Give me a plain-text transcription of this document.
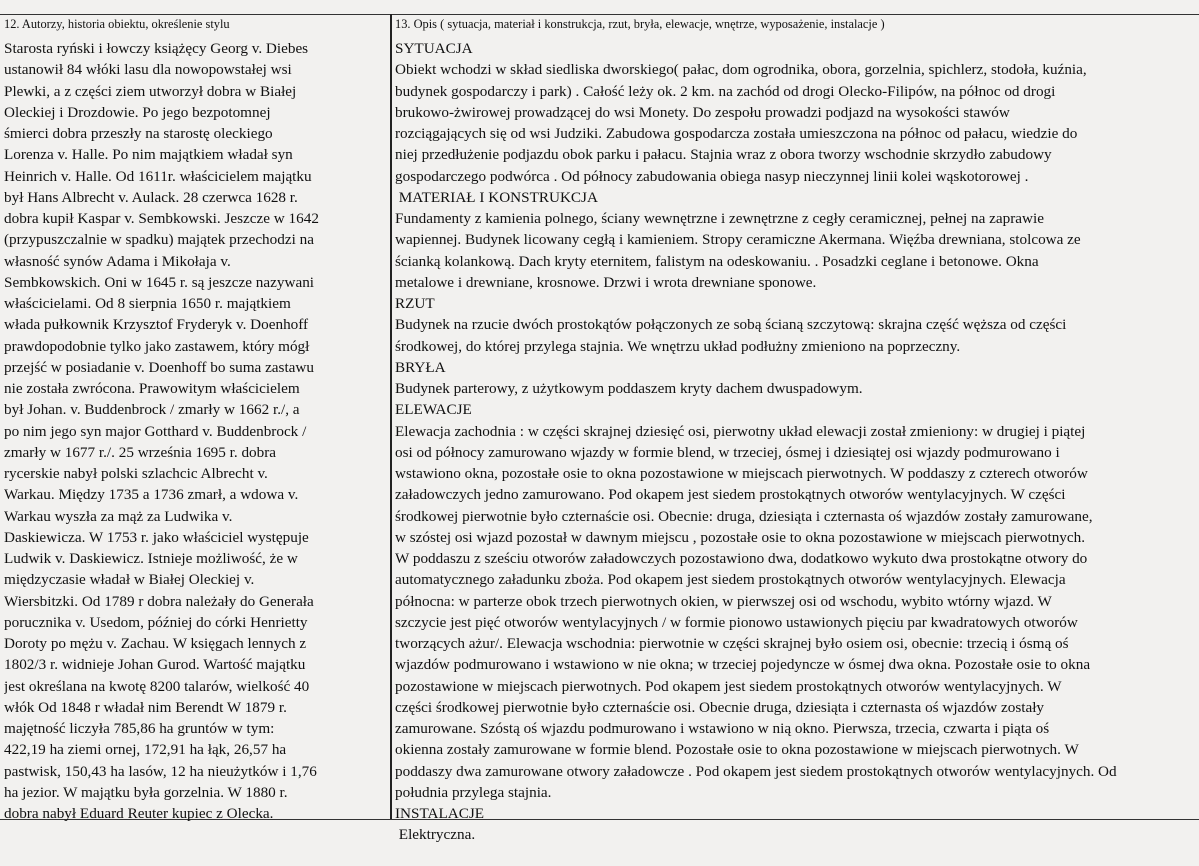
12. Autorzy, historia obiektu, określenie stylu
Starosta ryński i łowczy książęcy Georg v. Diebes
ustanowił 84 włóki lasu dla nowopowstałej wsi
Plewki, a z części ziem utworzył dobra w Białej
Oleckiej i Drozdowie. Po jego bezpotomnej
śmierci dobra przeszły na starostę oleckiego
Lorenza v. Halle. Po nim majątkiem władał syn
Heinrich v. Halle. Od 1611r. właścicielem majątku
był Hans Albrecht v. Aulack. 28 czerwca 1628 r.
dobra kupił Kaspar v. Sembkowski. Jeszcze w 1642
(przypuszczalnie w spadku) majątek przechodzi na
własność synów Adama i Mikołaja v.
Sembkowskich. Oni w 1645 r. są jeszcze nazywani
właścicielami. Od 8 sierpnia 1650 r. majątkiem
włada pułkownik Krzysztof Fryderyk v. Doenhoff
prawdopodobnie tylko jako zastawem, który mógł
przejść w posiadanie v. Doenhoff bo suma zastawu
nie została zwrócona. Prawowitym właścicielem
był Johan. v. Buddenbrock / zmarły w 1662 r./, a
po nim jego syn major Gotthard v. Buddenbrock /
zmarły w 1677 r./. 25 września 1695 r. dobra
rycerskie nabył polski szlachcic Albrecht v.
Warkau. Między 1735 a 1736 zmarł, a wdowa v.
Warkau wyszła za mąż za Ludwika v.
Daskiewicza. W 1753 r. jako właściciel występuje
Ludwik v. Daskiewicz. Istnieje możliwość, że w
międzyczasie władał w Białej Oleckiej v.
Wiersbitzki. Od 1789 r dobra należały do Generała
porucznika v. Usedom, później do córki Henrietty
Doroty po mężu v. Zachau. W księgach lennych z
1802/3 r. widnieje Johan Gurod. Wartość majątku
jest określana na kwotę 8200 talarów, wielkość 40
włók Od 1848 r władał nim Berendt W 1879 r.
majętność liczyła 785,86 ha gruntów w tym:
422,19 ha ziemi ornej, 172,91 ha łąk, 26,57 ha
pastwisk, 150,43 ha lasów, 12 ha nieużytków i 1,76
ha jezior. W majątku była gorzelnia. W 1880 r.
dobra nabył Eduard Reuter kupiec z Olecka.
13. Opis ( sytuacja, materiał i konstrukcja, rzut, bryła, elewacje, wnętrze, wyposażenie, instalacje )

SYTUACJA

Obiekt wchodzi w skład siedliska dworskiego( pałac, dom ogrodnika, obora, gorzelnia, spichlerz, stodoła, kuźnia,
budynek gospodarczy i park) . Całość leży ok. 2 km. na zachód od drogi Olecko-Filipów, na północ od drogi
brukowo-żwirowej prowadzącej do wsi Monety. Do zespołu prowadzi podjazd na wysokości stawów
rozciągających się od wsi Judziki. Zabudowa gospodarcza została umieszczona na północ od pałacu, wiedzie do
niej przedłużenie podjazdu obok parku i pałacu. Stajnia wraz z obora tworzy wschodnie skrzydło zabudowy
gospodarczego podwórca . Od północy zabudowania obiega nasyp nieczynnej linii kolei wąskotorowej .

MATERIAŁ I KONSTRUKCJA

Fundamenty z kamienia polnego, ściany wewnętrzne i zewnętrzne z cegły ceramicznej, pełnej na zaprawie
wapiennej. Budynek licowany cegłą i kamieniem. Stropy ceramiczne Akermana. Więźba drewniana, stolcowa ze
ścianką kolankową. Dach kryty eternitem, falistym na odeskowaniu. . Posadzki ceglane i betonowe. Okna
metalowe i drewniane, krosnowe. Drzwi i wrota drewniane sponowe.

RZUT

Budynek na rzucie dwóch prostokątów połączonych ze sobą ścianą szczytową: skrajna część węższa od części
środkowej, do której przylega stajnia. We wnętrzu układ podłużny zmieniono na poprzeczny.

BRYŁA

Budynek parterowy, z użytkowym poddaszem kryty dachem dwuspadowym.

ELEWACJE

Elewacja zachodnia : w części skrajnej dziesięć osi, pierwotny układ elewacji został zmieniony: w drugiej i piątej
osi od północy zamurowano wjazdy w formie blend, w trzeciej, ósmej i dziesiątej osi wjazdy podmurowano i
wstawiono okna, pozostałe osie to okna pozostawione w miejscach pierwotnych. W poddaszy z czterech otworów
załadowczych jedno zamurowano. Pod okapem jest siedem prostokątnych otworów wentylacyjnych. W części
środkowej pierwotnie było czternaście osi. Obecnie: druga, dziesiąta i czternasta oś wjazdów zostały zamurowane,
w szóstej osi wjazd pozostał w dawnym miejscu , pozostałe osie to okna pozostawione w miejscach pierwotnych.
W poddaszu z sześciu otworów załadowczych pozostawiono dwa, dodatkowo wykuto dwa prostokątne otwory do
automatycznego załadunku zboża. Pod okapem jest siedem prostokątnych otworów wentylacyjnych. Elewacja
północna: w parterze obok trzech pierwotnych okien, w pierwszej osi od wschodu, wybito wtórny wjazd. W
szczycie jest pięć otworów wentylacyjnych / w formie pionowo ustawionych pięciu par kwadratowych otworów
tworzących ażur/. Elewacja wschodnia: pierwotnie w części skrajnej było osiem osi, obecnie: trzecią i ósmą oś
wjazdów podmurowano i wstawiono w nie okna; w trzeciej pojedyncze w ósmej dwa okna. Pozostałe osie to okna
pozostawione w miejscach pierwotnych. Pod okapem jest siedem prostokątnych otworów wentylacyjnych. W
części środkowej pierwotnie było czternaście osi. Obecnie druga, dziesiąta i czternasta oś wjazdów zostały
zamurowane. Szóstą oś wjazdu podmurowano i wstawiono w nią okno. Pierwsza, trzecia, czwarta i piąta oś
okienna zostały zamurowane w formie blend. Pozostałe osie to okna pozostawione w miejscach pierwotnych. W
poddaszy dwa zamurowane otwory załadowcze . Pod okapem jest siedem prostokątnych otworów wentylacyjnych. Od
południa przylega stajnia.

INSTALACJE

Elektryczna.
